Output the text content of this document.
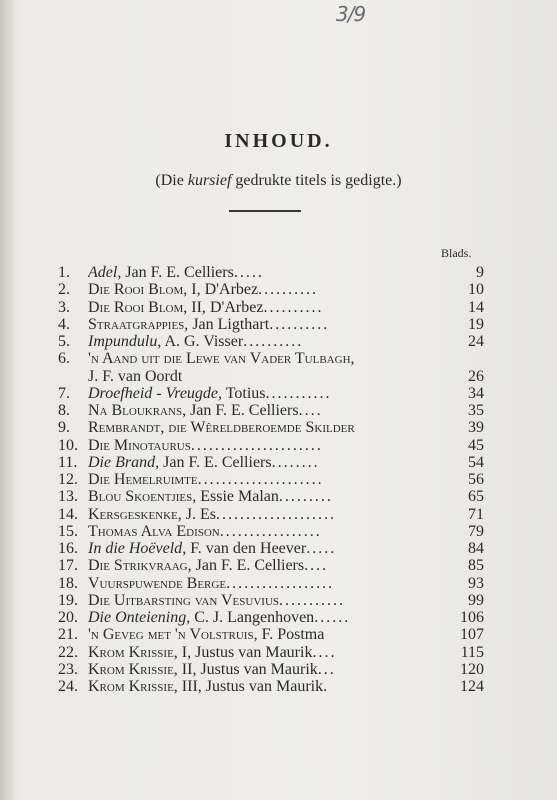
3/9
INHOUD.
(Die kursief gedrukte titels is gedigte.)
Blads.
1. Adel, Jan F. E. Celliers.....	9
2. Die Rooi Blom, I, D'Arbez..........	10
3. Die Rooi Blom, II, D'Arbez..........	14
4. Straatgrappies, Jan Ligthart..........	19
5. Impundulu, A. G. Visser..........	24
6. 'n Aand uit die Lewe van Vader Tulbagh,
J. F. van Oordt	26
7. Droefheid - Vreugde, Totius...........	34
8. Na Bloukrans, Jan F. E. Celliers....	35
9. Rembrandt, die Wêreldberoemde Skilder	39
10. Die Minotaurus......................	45
11. Die Brand, Jan F. E. Celliers........	54
12. Die Hemelruimte.....................	56
13. Blou Skoentjies, Essie Malan.........	65
14. Kersgeskenke, J. Es....................	71
15. Thomas Alva Edison.................	79
16. In die Hoëveld, F. van den Heever.....	84
17. Die Strikvraag, Jan F. E. Celliers....	85
18. Vuurspuwende Berge..................	93
19. Die Uitbarsting van Vesuvius...........	99
20. Die Onteiening, C. J. Langenhoven......	106
21. 'n Geveg met 'n Volstruis, F. Postma	107
22. Krom Krissie, I, Justus van Maurik....	115
23. Krom Krissie, II, Justus van Maurik...	120
24. Krom Krissie, III, Justus van Maurik.	124
